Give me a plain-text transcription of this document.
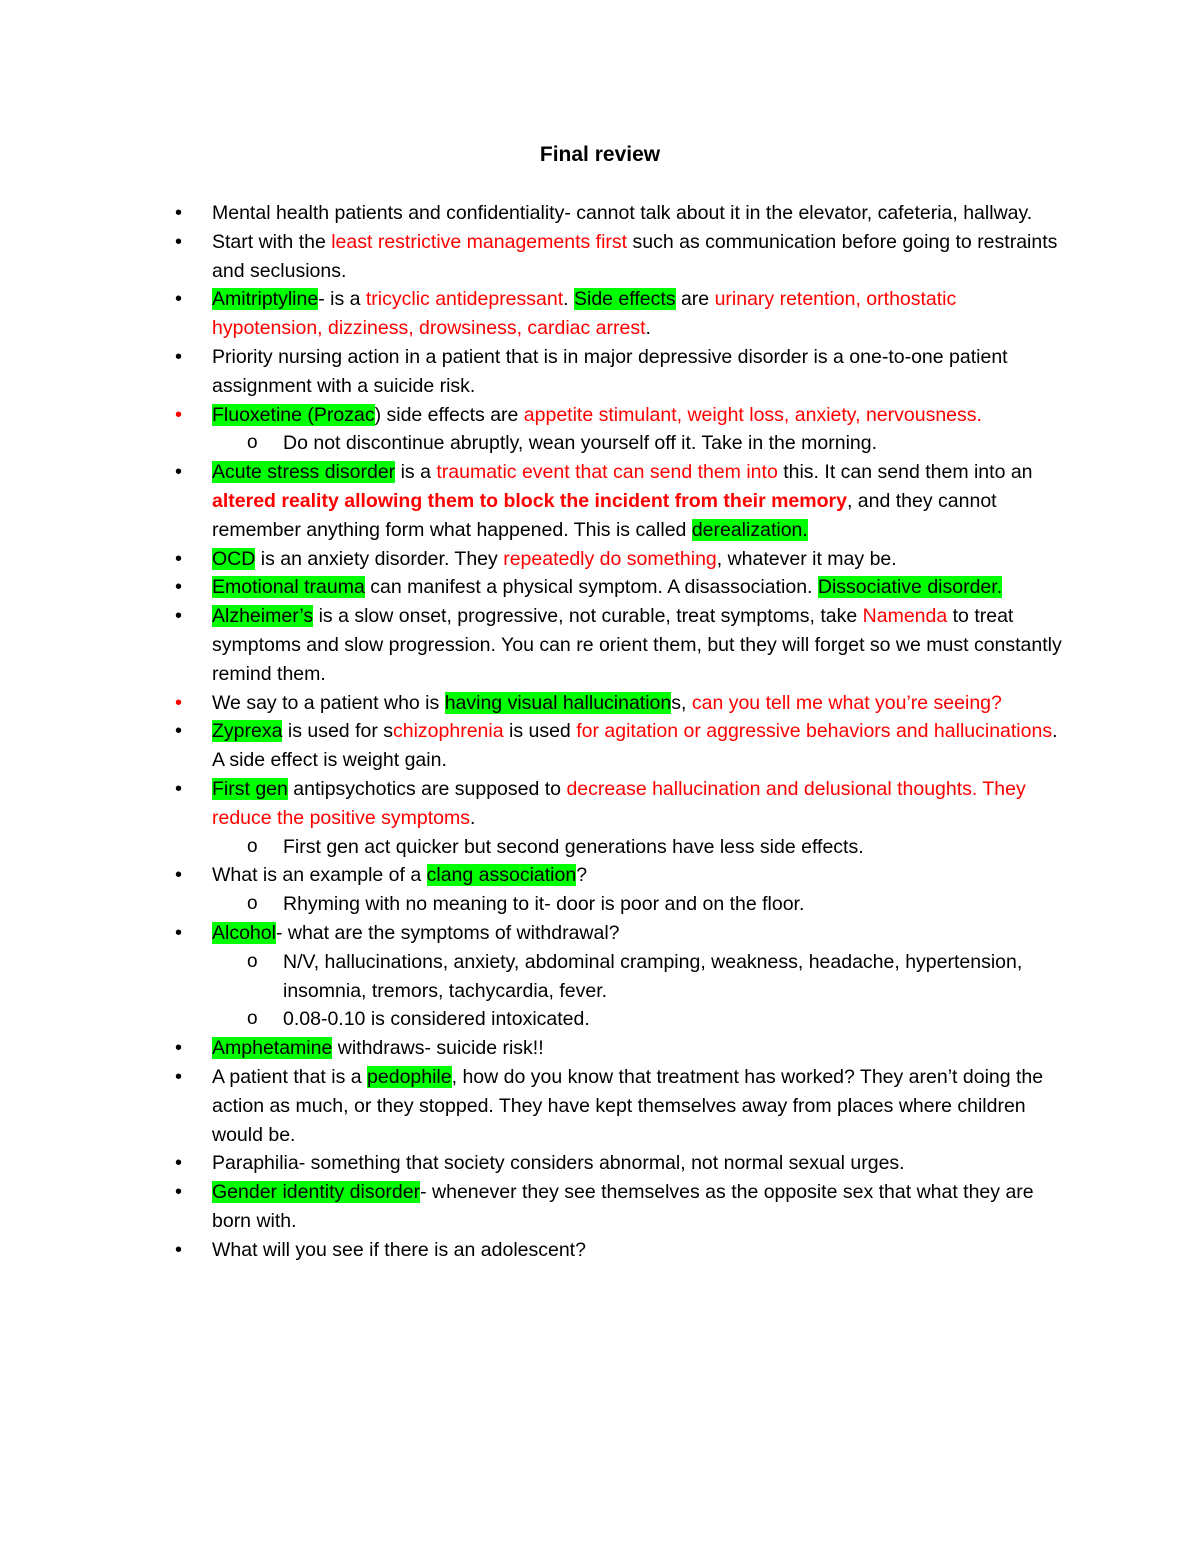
Final review
• Mental health patients and confidentiality- cannot talk about it in the elevator, cafeteria, hallway.
• Start with the least restrictive managements first such as communication before going to restraints and seclusions.
• Amitriptyline- is a tricyclic antidepressant. Side effects are urinary retention, orthostatic hypotension, dizziness, drowsiness, cardiac arrest.
• Priority nursing action in a patient that is in major depressive disorder is a one-to-one patient assignment with a suicide risk.
• Fluoxetine (Prozac) side effects are appetite stimulant, weight loss, anxiety, nervousness.
o Do not discontinue abruptly, wean yourself off it. Take in the morning.
• Acute stress disorder is a traumatic event that can send them into this. It can send them into an altered reality allowing them to block the incident from their memory, and they cannot remember anything form what happened. This is called derealization.
• OCD is an anxiety disorder. They repeatedly do something, whatever it may be.
• Emotional trauma can manifest a physical symptom. A disassociation. Dissociative disorder.
• Alzheimer’s is a slow onset, progressive, not curable, treat symptoms, take Namenda to treat symptoms and slow progression. You can re orient them, but they will forget so we must constantly remind them.
• We say to a patient who is having visual hallucinations, can you tell me what you’re seeing?
• Zyprexa is used for schizophrenia is used for agitation or aggressive behaviors and hallucinations. A side effect is weight gain.
• First gen antipsychotics are supposed to decrease hallucination and delusional thoughts. They reduce the positive symptoms.
o First gen act quicker but second generations have less side effects.
• What is an example of a clang association?
o Rhyming with no meaning to it- door is poor and on the floor.
• Alcohol- what are the symptoms of withdrawal?
o N/V, hallucinations, anxiety, abdominal cramping, weakness, headache, hypertension, insomnia, tremors, tachycardia, fever.
o 0.08-0.10 is considered intoxicated.
• Amphetamine withdraws- suicide risk!!
• A patient that is a pedophile, how do you know that treatment has worked? They aren’t doing the action as much, or they stopped. They have kept themselves away from places where children would be.
• Paraphilia- something that society considers abnormal, not normal sexual urges.
• Gender identity disorder- whenever they see themselves as the opposite sex that what they are born with.
• What will you see if there is an adolescent?
